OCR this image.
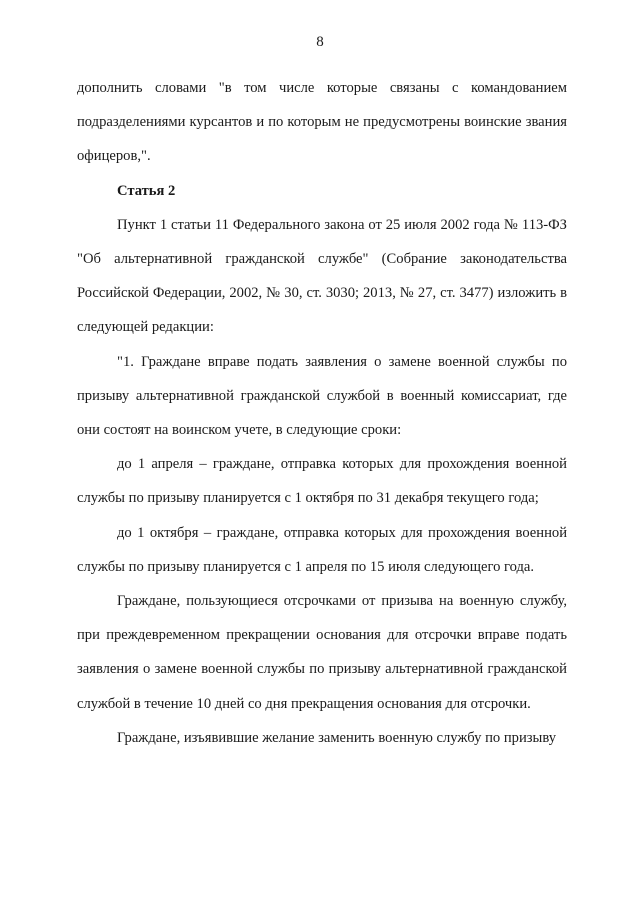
8

дополнить словами "в том числе которые связаны с командованием подразделениями курсантов и по которым не предусмотрены воинские звания офицеров,".

Статья 2

Пункт 1 статьи 11 Федерального закона от 25 июля 2002 года № 113-ФЗ "Об альтернативной гражданской службе" (Собрание законодательства Российской Федерации, 2002, № 30, ст. 3030; 2013, № 27, ст. 3477) изложить в следующей редакции:

"1. Граждане вправе подать заявления о замене военной службы по призыву альтернативной гражданской службой в военный комиссариат, где они состоят на воинском учете, в следующие сроки:

до 1 апреля – граждане, отправка которых для прохождения военной службы по призыву планируется с 1 октября по 31 декабря текущего года;

до 1 октября – граждане, отправка которых для прохождения военной службы по призыву планируется с 1 апреля по 15 июля следующего года.

Граждане, пользующиеся отсрочками от призыва на военную службу, при преждевременном прекращении основания для отсрочки вправе подать заявления о замене военной службы по призыву альтернативной гражданской службой в течение 10 дней со дня прекращения основания для отсрочки.

Граждане, изъявившие желание заменить военную службу по призыву
